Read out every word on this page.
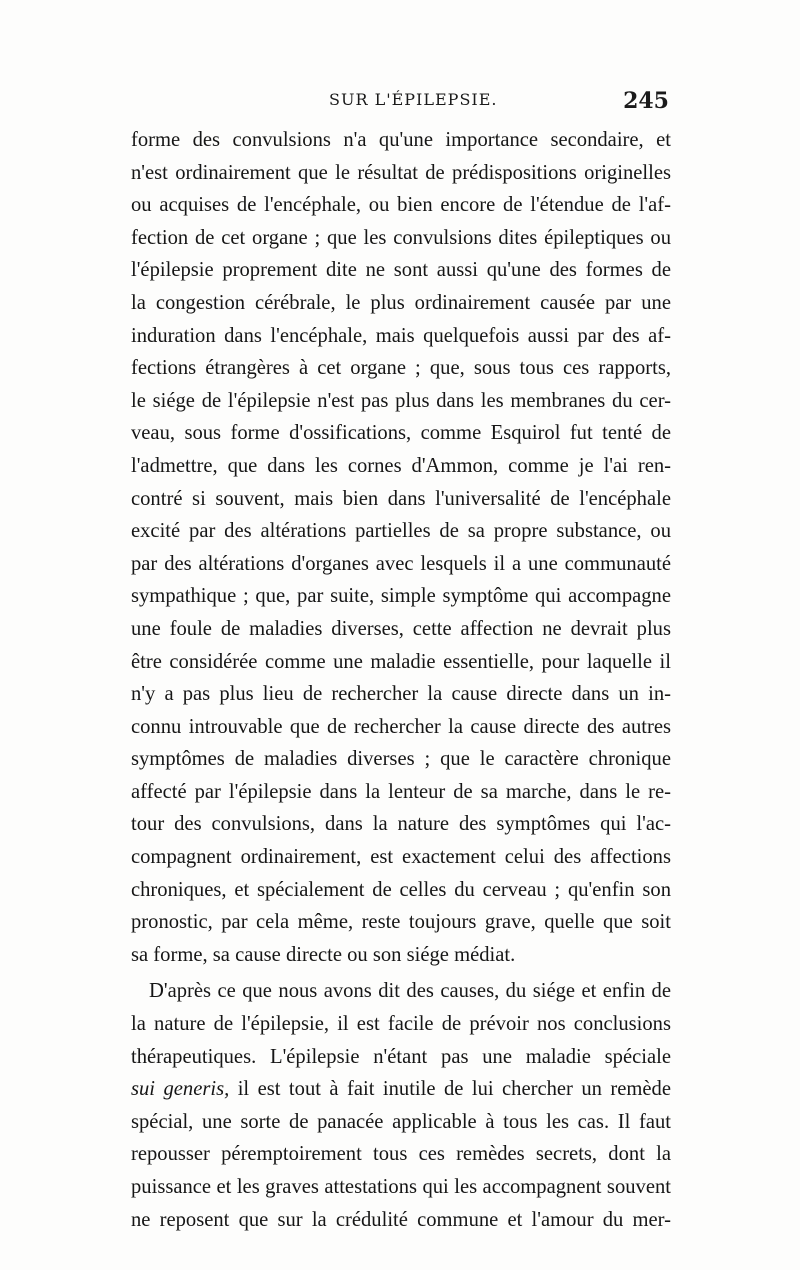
SUR L'ÉPILEPSIE.	245
forme des convulsions n'a qu'une importance secondaire, et
n'est ordinairement que le résultat de prédispositions originelles
ou acquises de l'encéphale, ou bien encore de l'étendue de l'af-
fection de cet organe ; que les convulsions dites épileptiques ou
l'épilepsie proprement dite ne sont aussi qu'une des formes de
la congestion cérébrale, le plus ordinairement causée par une
induration dans l'encéphale, mais quelquefois aussi par des af-
fections étrangères à cet organe ; que, sous tous ces rapports,
le siége de l'épilepsie n'est pas plus dans les membranes du cer-
veau, sous forme d'ossifications, comme Esquirol fut tenté de
l'admettre, que dans les cornes d'Ammon, comme je l'ai ren-
contré si souvent, mais bien dans l'universalité de l'encéphale
excité par des altérations partielles de sa propre substance, ou
par des altérations d'organes avec lesquels il a une communauté
sympathique ; que, par suite, simple symptôme qui accompagne
une foule de maladies diverses, cette affection ne devrait plus
être considérée comme une maladie essentielle, pour laquelle il
n'y a pas plus lieu de rechercher la cause directe dans un in-
connu introuvable que de rechercher la cause directe des autres
symptômes de maladies diverses ; que le caractère chronique
affecté par l'épilepsie dans la lenteur de sa marche, dans le re-
tour des convulsions, dans la nature des symptômes qui l'ac-
compagnent ordinairement, est exactement celui des affections
chroniques, et spécialement de celles du cerveau ; qu'enfin son
pronostic, par cela même, reste toujours grave, quelle que soit
sa forme, sa cause directe ou son siége médiat.
D'après ce que nous avons dit des causes, du siége et enfin de
la nature de l'épilepsie, il est facile de prévoir nos conclusions
thérapeutiques. L'épilepsie n'étant pas une maladie spéciale
sui generis, il est tout à fait inutile de lui chercher un remède
spécial, une sorte de panacée applicable à tous les cas. Il faut
repousser péremptoirement tous ces remèdes secrets, dont la
puissance et les graves attestations qui les accompagnent souvent
ne reposent que sur la crédulité commune et l'amour du mer-
